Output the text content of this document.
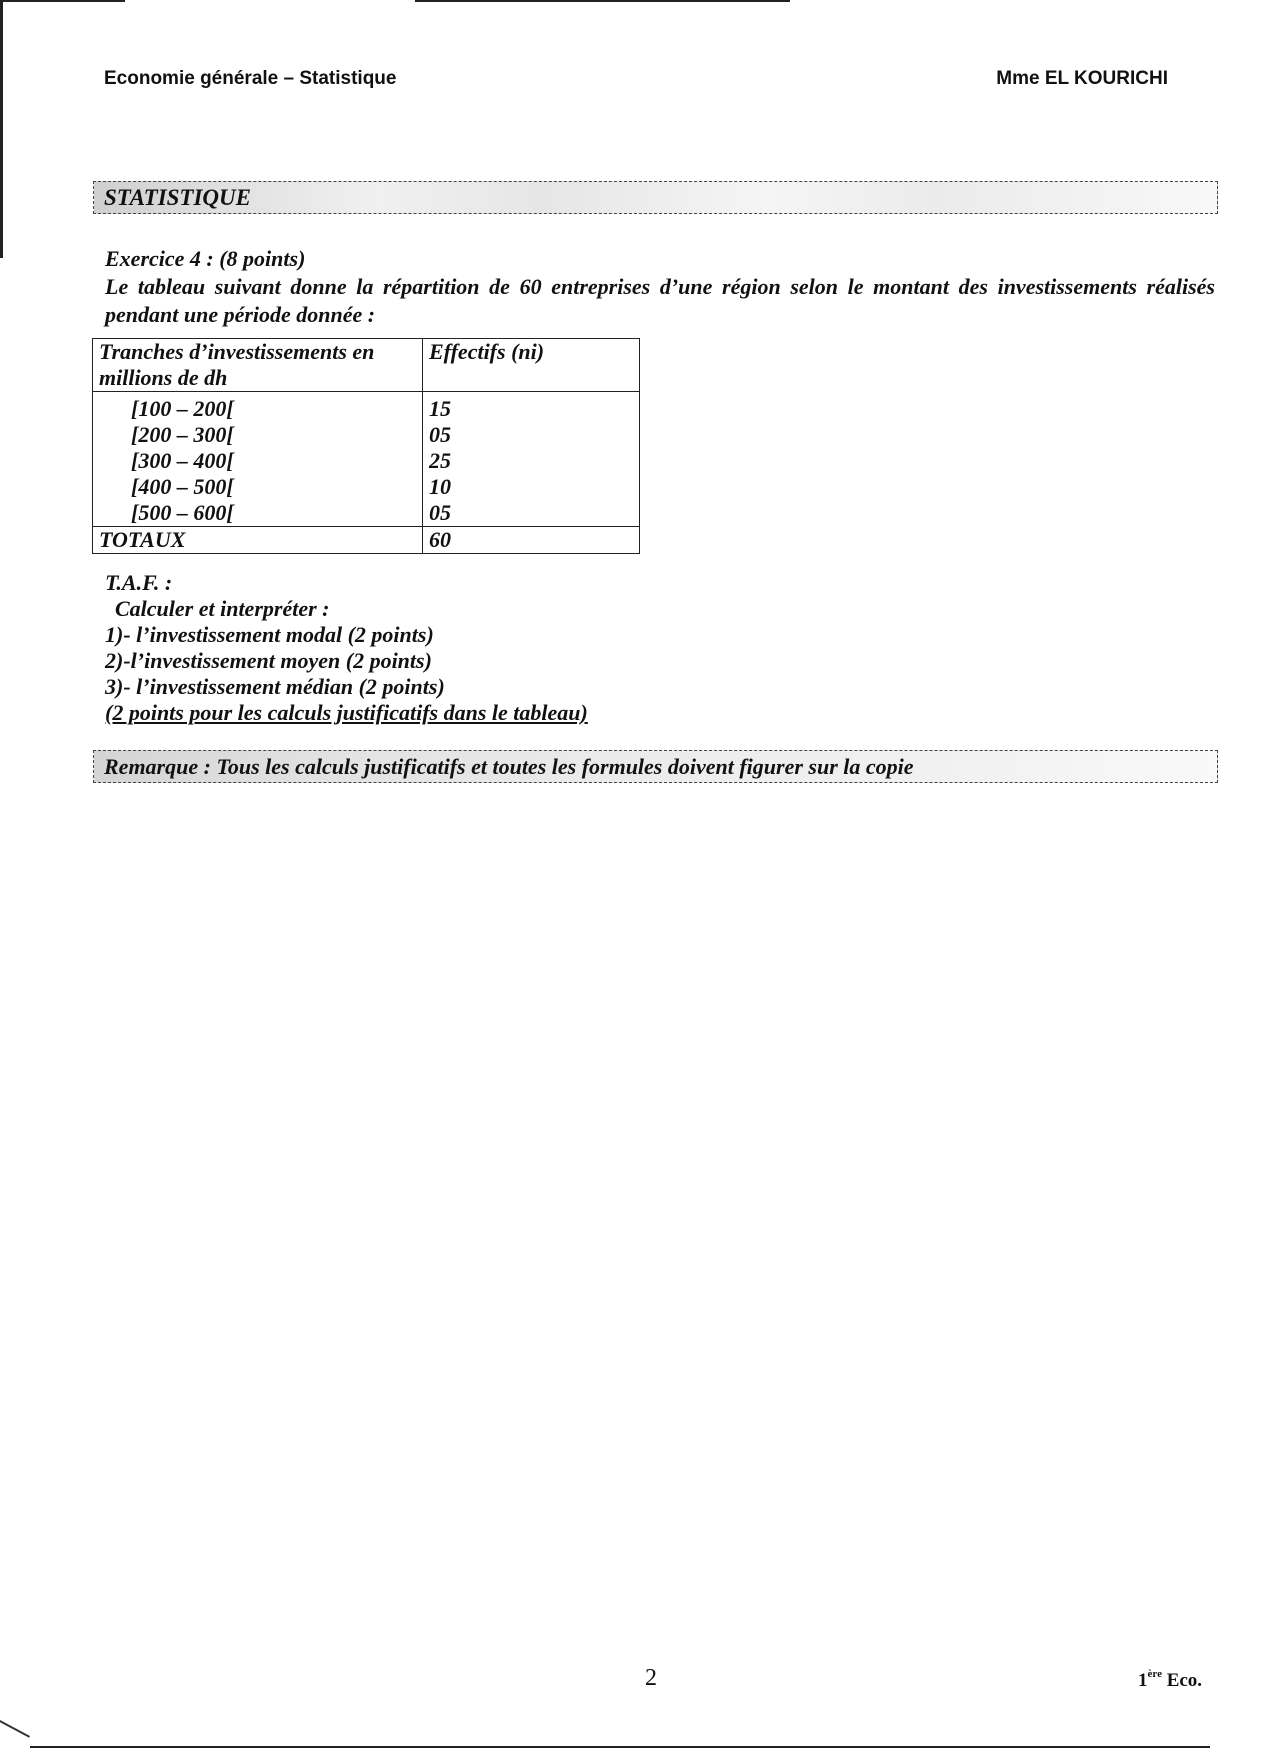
Economie générale – Statistique	Mme EL KOURICHI
STATISTIQUE
Exercice 4 : (8 points)
Le tableau suivant donne la répartition de 60 entreprises d’une région selon le montant des investissements réalisés pendant une période donnée :
Tranches d’investissements en millions de dh	Effectifs (ni)
[100 – 200[	15
[200 – 300[	05
[300 – 400[	25
[400 – 500[	10
[500 – 600[	05
TOTAUX	60
T.A.F. :
Calculer et interpréter :
1)- l’investissement modal (2 points)
2)-l’investissement moyen (2 points)
3)- l’investissement médian (2 points)
(2 points pour les calculs justificatifs dans le tableau)
Remarque : Tous les calculs justificatifs et toutes les formules doivent figurer sur la copie
2	1ère Eco.
